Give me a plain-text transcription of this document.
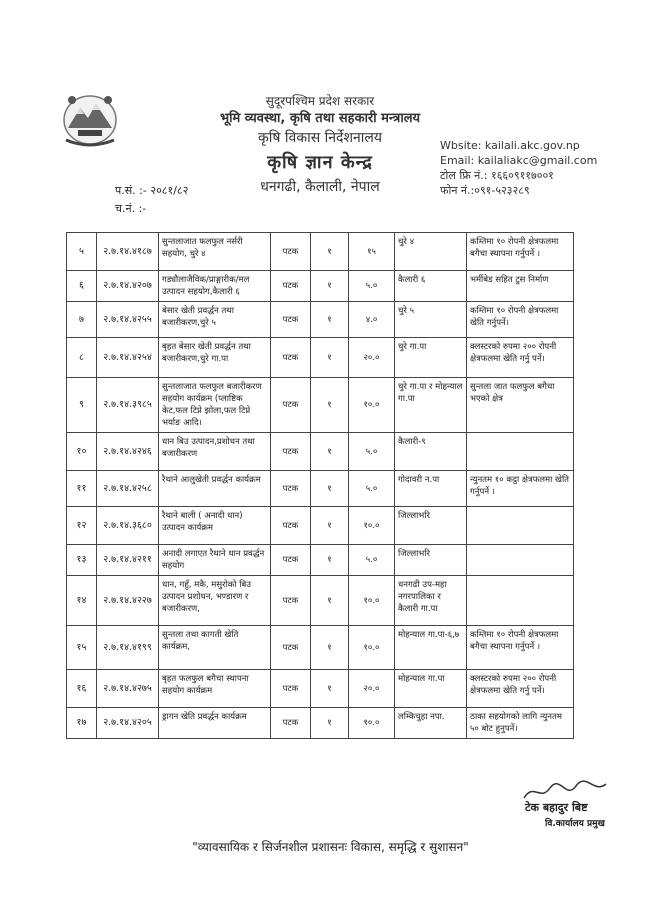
सुदूरपश्चिम प्रदेश सरकार
भूमि व्यवस्था, कृषि तथा सहकारी मन्त्रालय
कृषि विकास निर्देशनालय
कृषि ज्ञान केन्द्र
धनगढी, कैलाली, नेपाल
Wbsite: kailali.akc.gov.np
Email: kailaliakc@gmail.com
टोल फ्रि नं.: १६६०९११७००१
फोन नं.:०९१-५२३२८९
प.सं. :- २०८१/८२
च.नं. :-
५	२.७.१४.४१८७	सुन्तलाजात फलफुल नर्सरी सहयोग, चुरे ४	पटक	१	१५	चुरे ४	कम्तिमा १० रोपनी क्षेत्रफलमा बगैचा स्थापना गर्नुपर्ने ।
६	२.७.१४.४२०७	गड्यौलाजैविक/प्राङ्गारीक/मल उत्पादन सहयोग,कैलारी ६	पटक	१	५.०	कैलारी ६	भर्मीबेड सहित टुस निर्माण
७	२.७.१४.४२५५	बेसार खेती प्रवर्द्धन तथा बजारीकरण,चुरे ५	पटक	१	४.०	चुरे ५	कम्तिमा १० रोपनी क्षेत्रफलमा खेति गर्नुपर्ने।
८	२.७.१४.४२५४	बृहत बेसार खेती प्रवर्द्धन तथा बजारीकरण,चुरे गा.पा	पटक	१	२०.०	चुरे गा.पा	क्लस्टरको रुपमा २०० रोपनी क्षेत्रफलमा खेति गर्नु पर्ने।
९	२.७.१४.३९८५	सुन्तलाजात फलफुल बजारीकरण सहयोग कार्यक्रम (प्लाष्टिक केट,फल टिप्ने झोला,फल टिप्ने भर्याङ आदि।	पटक	१	१०.०	चुरे गा.पा र मोहन्याल गा.पा	सुन्तला जात फलफुल बगैचा भएको क्षेत्र
१०	२.७.१४.४२४६	धान बिउ उत्पादन,प्रशोधन तथा बजारीकरण	पटक	१	५.०	कैलारी-९	
११	२.७.१४.४२५८	रैथाने आलुखेती प्रवर्द्धन कार्यक्रम	पटक	१	५.०	गोदावरी न.पा	न्युनतम १० कट्ठा क्षेत्रफलमा खेति गर्नुपर्ने ।
१२	२.७.१४.३६८०	रैथाने बाली ( अनादी धान) उत्पादन कार्यक्रम	पटक	१	१०.०	जिल्लाभरि	
१३	२.७.१४.४२११	अनादी लगाएत रैथाने धान प्रवर्द्धन सहयोग	पटक	१	५.०	जिल्लाभरि	
१४	२.७.१४.४२२७	धान, गहुँ, मकै, मसुरोको बिउ उत्पादन प्रशोधन, भण्डारण र बजारीकरण,	पटक	१	१०.०	धनगढी उप-महा नगरपालिका र कैलारी गा.पा	
१५	२.७.१४.४१९९	सुन्तला तथा कागती खेति कार्यक्रम,	पटक	१	१०.०	मोहन्याल गा.पा-६,७	कम्तिमा १० रोपनी क्षेत्रफलमा बगैचा स्थापना गर्नुपर्ने ।
१६	२.७.१४.४२७५	बृहत फलफुल बगैचा स्थापना सहयोग कार्यक्रम	पटक	१	२०.०	मोहन्याल गा.पा	क्लस्टरको रुपमा २०० रोपनी क्षेत्रफलमा खेति गर्नु पर्ने।
१७	२.७.१४.४२०५	ड्रागन खेति प्रवर्द्धन कार्यक्रम	पटक	१	१०.०	लम्किचुहा नपा.	ठाका सहयोगको लागि न्युनतम ५० बोट हुनुपर्ने।
टेक बहादुर बिष्ट
वि.कार्यालय प्रमुख
"व्यावसायिक र सिर्जनशील प्रशासनः विकास, समृद्धि र सुशासन"
